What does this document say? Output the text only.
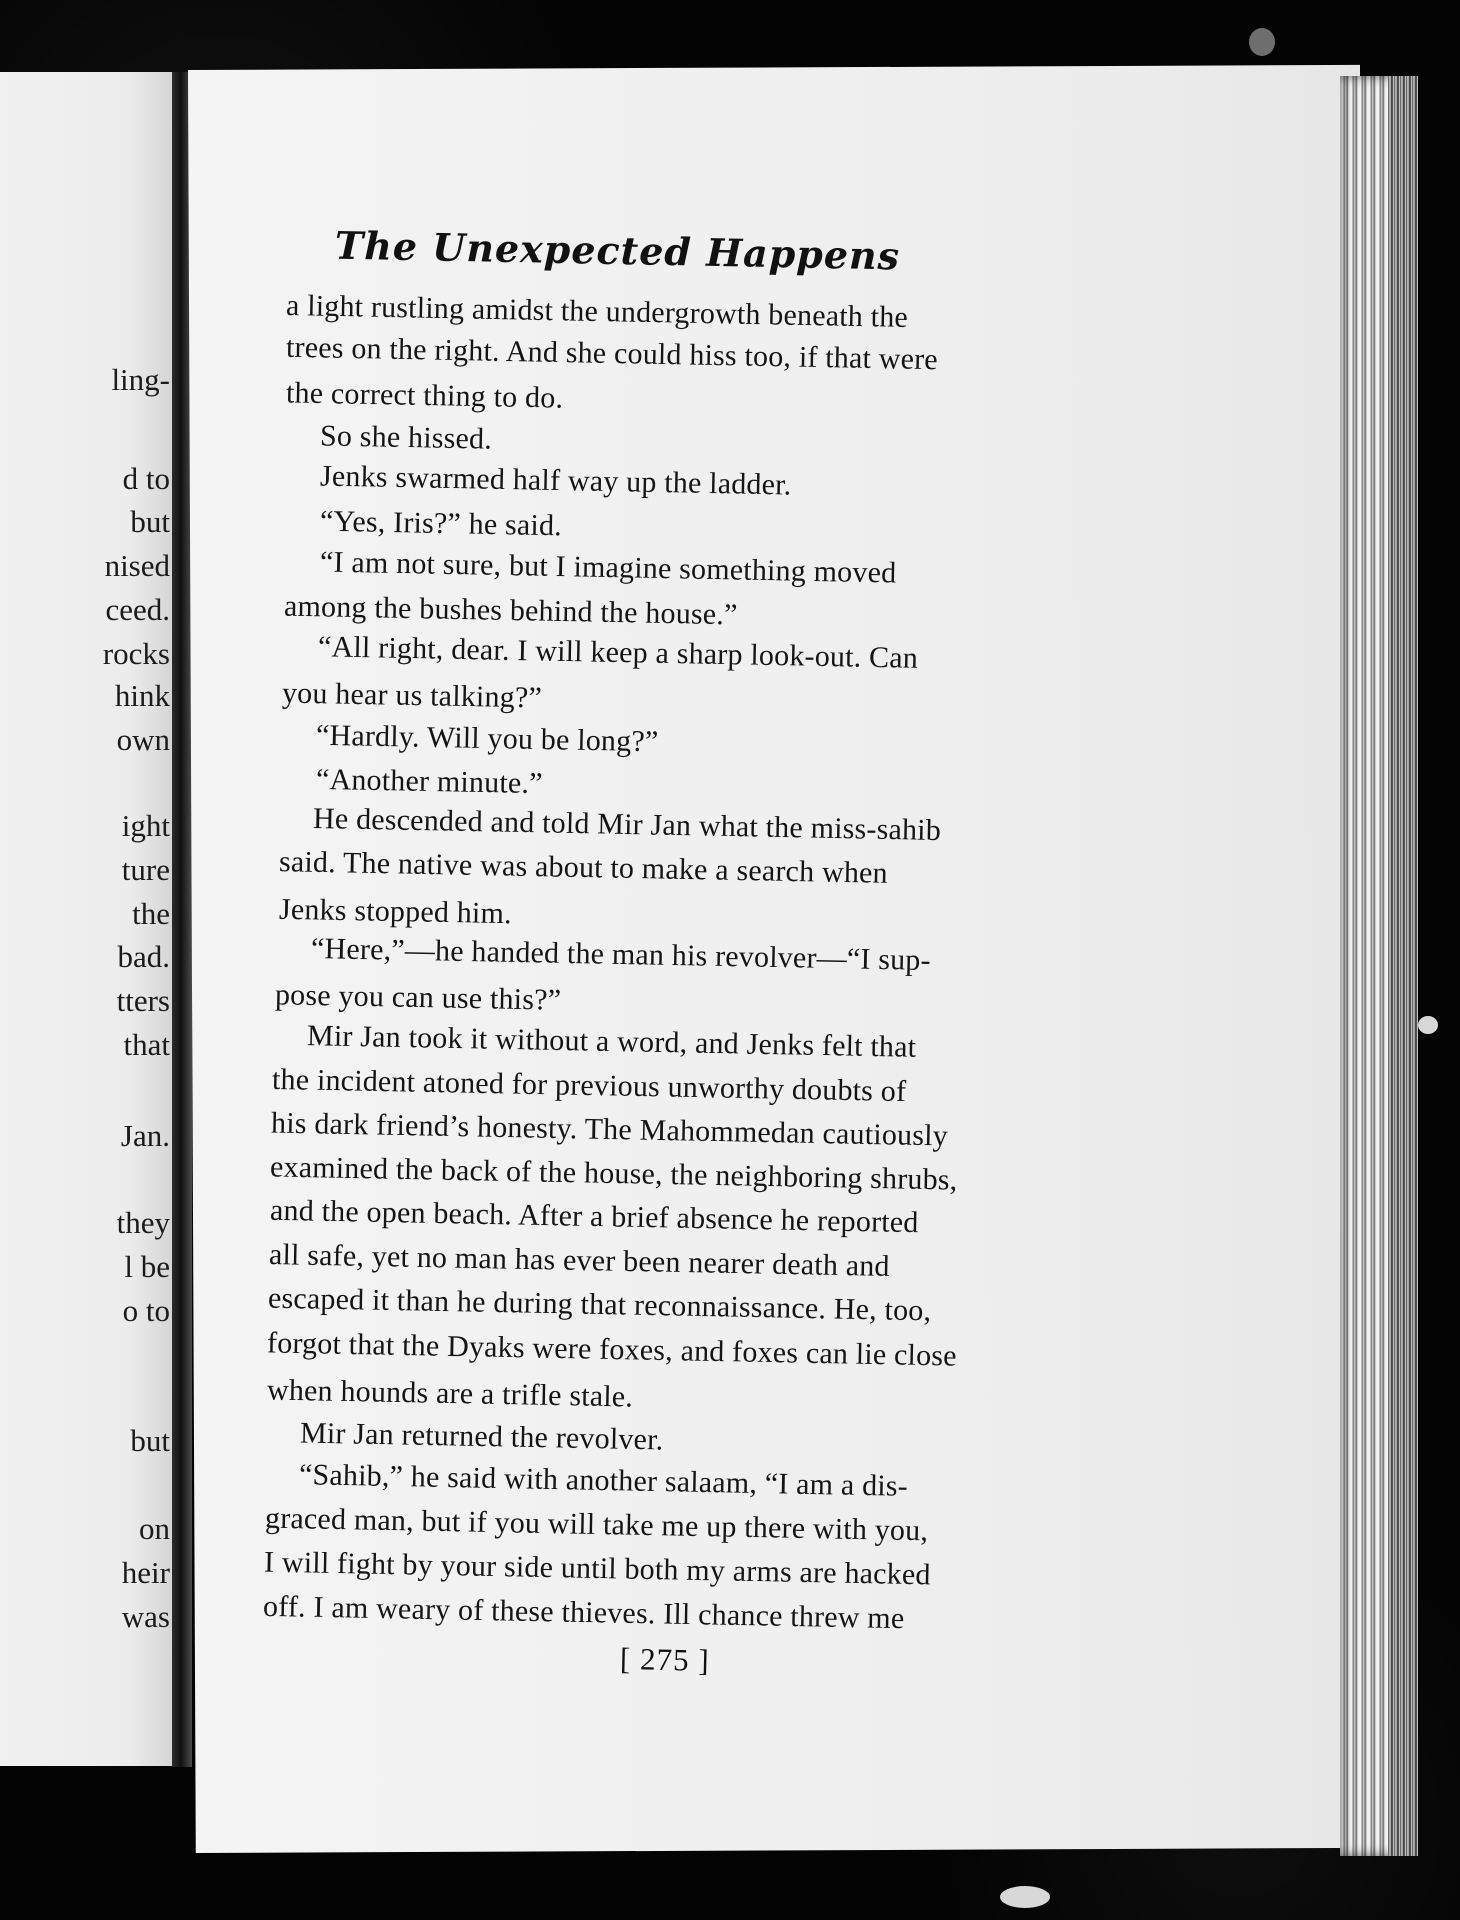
ling-
d to
but
nised
ceed.
rocks
hink
own
ight
ture
the
bad.
tters
that
Jan.
they
l be
o to
but
on
heir
was
The Unexpected Happens
a light rustling amidst the undergrowth beneath the
trees on the right. And she could hiss too, if that were
the correct thing to do.
So she hissed.
Jenks swarmed half way up the ladder.
“Yes, Iris?” he said.
“I am not sure, but I imagine something moved
among the bushes behind the house.”
“All right, dear. I will keep a sharp look-out. Can
you hear us talking?”
“Hardly. Will you be long?”
“Another minute.”
He descended and told Mir Jan what the miss-sahib
said. The native was about to make a search when
Jenks stopped him.
“Here,”—he handed the man his revolver—“I sup-
pose you can use this?”
Mir Jan took it without a word, and Jenks felt that
the incident atoned for previous unworthy doubts of
his dark friend’s honesty. The Mahommedan cautiously
examined the back of the house, the neighboring shrubs,
and the open beach. After a brief absence he reported
all safe, yet no man has ever been nearer death and
escaped it than he during that reconnaissance. He, too,
forgot that the Dyaks were foxes, and foxes can lie close
when hounds are a trifle stale.
Mir Jan returned the revolver.
“Sahib,” he said with another salaam, “I am a dis-
graced man, but if you will take me up there with you,
I will fight by your side until both my arms are hacked
off. I am weary of these thieves. Ill chance threw me
[ 275 ]
